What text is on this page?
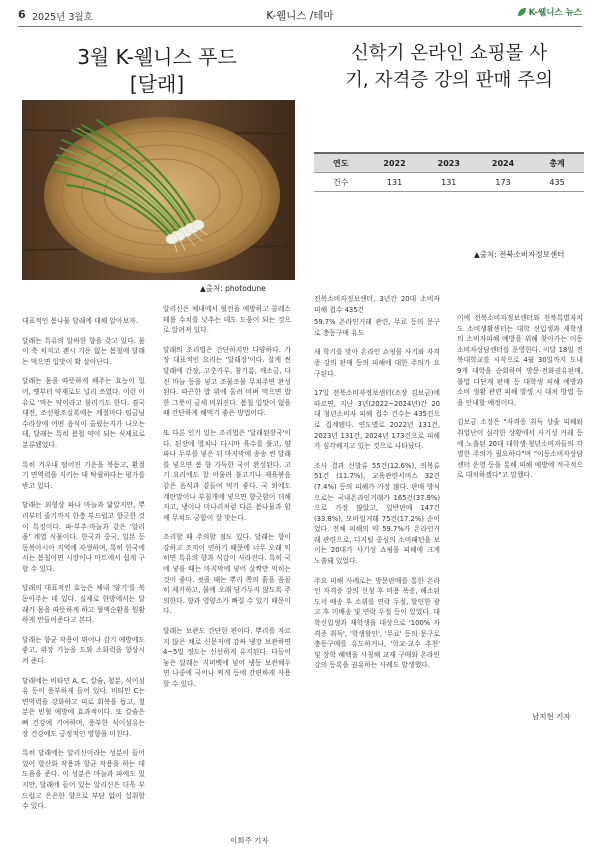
6 2025년 3월호	K-웰니스 /테마	K-웰니스 뉴스
3월 K-웰니스 푸드
[달래]
신학기 온라인 쇼핑몰 사
기, 자격증 강의 판매 주의
▲출처: photodune
연도	2022	2023	2024	총계
건수	131	131	173	435
▲출처: 전북소비자정보센터

대표적인 봄나물 달래에 대해 알아보자.

달래는 특유의 알싸한 향을 갖고 있다. 몸이 축 처지고 괜시 기운 없는 봄철에 달래는 먹으면 입맛이 확 살아난다.

달래는 몸을 따뜻하게 해주는 효능이 있어, 옛부터 약재로도 널리 쓰였다. 이런 이유로 '먹는 약이라고 불리기도 한다. 겸국대전, 조선왕조실록에는 계절마다 임금님 수라상에 어떤 음식이 올랐는지가 나오는데, 달래는 특히 봄철 약이 되는 식재료로 분류됐었다.

특히 겨우내 떨어진 기운을 북돋고, 환절기 면역력을 지키는 데 탁월하다는 평가를 받고 있다.

달래는 외형상 파나 마늘과 닮았지만, 뿌리부터 줄기까지 한층 부드럽고 향긋한 것이 특징이다. 파·부추·마늘과 같은 '알리움' 계열 식물이다. 한국과 중국, 일본 등 동북아시아 지역에 자생하며, 특히 한국에서는 봄철이면 시장이나 마트에서 쉽게 구할 수 있다.

달래의 대표적인 효능은 체내 '양기'를 북돋아주는 데 있다. 실제로 한방에서는 달래가 몸을 따뜻하게 하고 혈액순환을 원활하게 만들어준다고 본다.

달래는 향균 작용이 뛰어나 감기 예방에도 좋고, 위장 기능을 도와 소화력을 향상시켜 준다.

달래에는 비타민 A, C, 칼슘, 철분, 식이섬유 등이 풍부하게 들어 있다. 비타민 C는 면역력을 강화하고 피로 회복을 돕고, 철분은 빈혈 예방에 효과적이다. 또 칼슘은 뼈 건강에 기여하며, 풍부한 식이섬유는 장 건강에도 긍정적인 영향을 미친다.

특히 달래에는 알리신이라는 성분이 들어 있어 항산화 작용과 항균 작용을 하는 데 도움을 준다. 이 성분은 마늘과 파에도 있지만, 달래에 들어 있는 알리신은 더욱 부드럽고 은은한 향으로 부담 없이 섭취할 수 있다.

알리신은 체내에서 혈전을 예방하고 콜레스테롤 수치를 낮추는 데도 도움이 되는 것으로 알려져 있다.

달래의 조리법은 간단하지만 다양하다. 가장 대표적인 요리는 '달래장'이다. 잘게 썬 달래에 간장, 고춧가루, 참기름, 깨소금, 다진 마늘 등을 넣고 조물조물 무쳐주면 완성된다. 따끈한 밥 위에 올려 비벼 먹으면 밥 한 그릇이 금세 비워진다. 봄철 입맛이 없을 때 간단하게 해먹기 좋은 방법이다.

또 다른 인기 있는 조리법은 '달래된장국'이다. 된장에 멸치나 다시마 육수를 풀고, 양파나 두부를 넣은 뒤 마지막에 송송 썬 달래를 넣으면 봄 향 가득한 국이 완성된다. 고기 요리에도 잘 어울려 불고기나 제육볶음 같은 음식과 곁들여 먹기 좋다. 국 외에도 계란말이나 부침개에 넣으면 향긋함이 더해지고, 냉이나 미나리처럼 다른 봄나물과 함께 무쳐도 궁합이 잘 맞는다.

조리할 때 주의할 점도 있다. 달래는 향이 강하고 조직이 연하기 때문에 너무 오래 익히면 특유의 향과 식감이 사라진다. 특히 국에 넣을 때는 마지막에 넣어 살짝만 익히는 것이 좋다. 씻을 때는 뿌리 쪽의 흙을 꼼꼼히 제거하고, 물에 오래 담가두지 않도록 주의한다. 향과 영양소가 빠질 수 있기 때문이다.

달래는 보관도 간단한 편이다. 뿌리를 자르지 않은 채로 신문지에 감싸 냉장 보관하면 4~5일 정도는 신선하게 유지된다. 다듬어 놓은 달래는 지퍼백에 넣어 냉동 보관해두면 나중에 국이나 찌개 등에 간편하게 사용할 수 있다.

이희주 기자

전북소비자정보센터, 3년간 20대 소비자 피해 접수 435건

59.7% 온라인거래 관련, 무료 등의 문구로 충동구매 유도

새 학기를 맞아 온라인 쇼핑몰 사기와 자격증 강의 판매 등의 피해에 대한 주의가 요구된다.

17일 전북소비자정보센터(소장 김보금)에 따르면, 지난 3년(2022~2024년)간 20대 청년소비자 피해 접수 건수는 435건으로 집계됐다. 연도별로 2022년 131건, 2023년 131건, 2024년 173건으로 피해가 심각해지고 있는 것으로 나타났다.

조사 결과 신발류 55건(12.6%), 의복류 51건 (11.7%), 교육관련서비스 32건(7.4%) 등의 피해가 가장 많다. 판매 방식으로는 국내온라인거래가 165건(37.9%)으로 가장 많았고, 일반판매 147건(33.8%), 모바일거래 75건(17.2%) 순이었다. 전체 피해의 약 59.7%가 온라인거래 관련으로, 디지털 중심의 소비패턴을 보이는 20대가 사기성 쇼핑몰 피해에 크게 노출돼 있었다.

주요 피해 사례로는 방문판매를 통한 온라인 자격증 강의 신청 후 비용 폭증, 해소된 도서 배송 후 소위를 연락 두절, 할인한 광고 후 미배송 및 연락 두절 등이 있었다. 대학신입생과 재학생을 대상으로 '100% 자격증 취득', '학생할인', '무료' 등의 문구로 충동구매를 유도하거나, '학교·교수 추천' 및 장학 혜택을 사칭해 교재 구매와 온라인 강의 등록을 권유하는 사례도 발생했다.

이에 전북소비자정보센터와 전북특별자치도 소비생활센터는 대학 신입생과 재학생의 소비자피해 예방을 위해 찾아가는 이동소비자상담센터를 운영한다. 이달 18일 전북대학교를 시작으로 4월 30일까지 도내 9개 대학을 순회하며 방문·전화권유판매, 불법 다단계 판매 등 대학생 피해 예방과 소비 생활 관련 피해 발생 시 대처 방법 등을 안내할 예정이다.

김보금 소장은 "자격증 취득 상술 피해와 취업난이 심각한 상황에서 사기성 거래 등에 노출된 20대 대학생·청년소비자들의 각별한 주의가 필요하다"며 "이동소비자상담센터 운영 등을 통해 피해 예방에 적극적으로 대처하겠다"고 말했다.

남지현 기자
